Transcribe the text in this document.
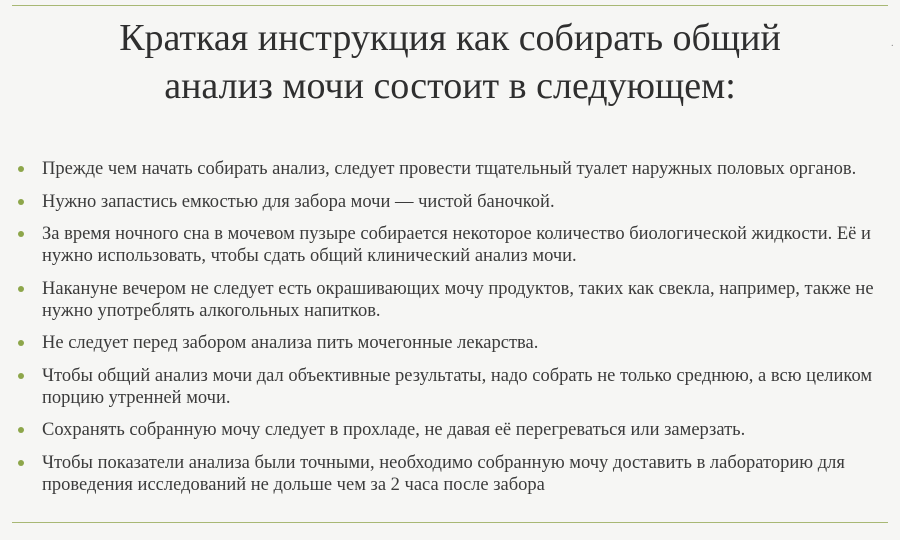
·
Краткая инструкция как собирать общий
анализ мочи состоит в следующем:
Прежде чем начать собирать анализ, следует провести тщательный туалет наружных половых органов.
Нужно запастись емкостью для забора мочи — чистой баночкой.
За время ночного сна в мочевом пузыре собирается некоторое количество биологической жидкости. Её и нужно использовать, чтобы сдать общий клинический анализ мочи.
Накануне вечером не следует есть окрашивающих мочу продуктов, таких как свекла, например, также не нужно употреблять алкогольных напитков.
Не следует перед забором анализа пить мочегонные лекарства.
Чтобы общий анализ мочи дал объективные результаты, надо собрать не только среднюю, а всю целиком порцию утренней мочи.
Сохранять собранную мочу следует в прохладе, не давая её перегреваться или замерзать.
Чтобы показатели анализа были точными, необходимо собранную мочу доставить в лабораторию для проведения исследований не дольше чем за 2 часа после забора
